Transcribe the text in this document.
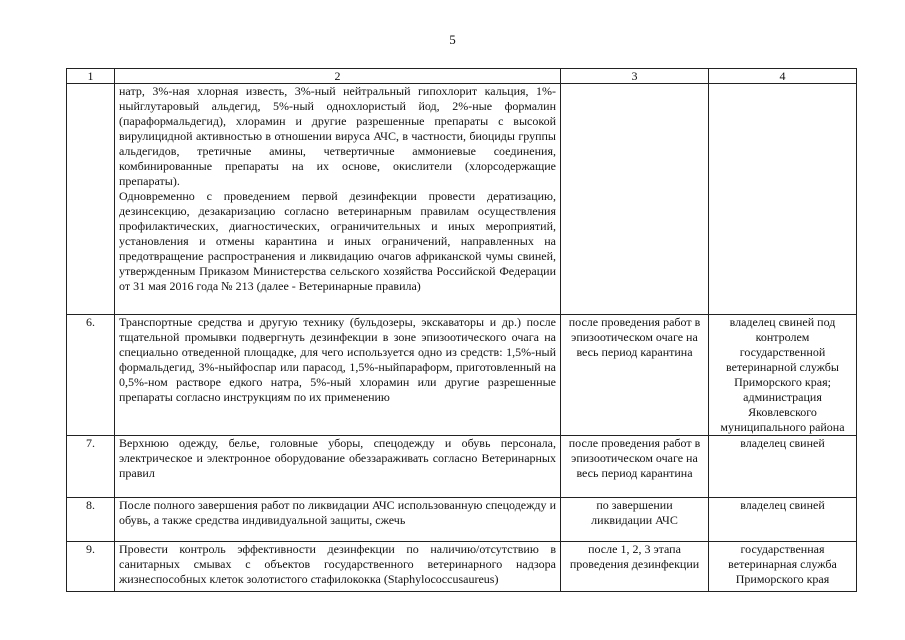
5
1	2	3	4

	натр, 3%-ная хлорная известь, 3%-ный нейтральный гипохлорит кальция, 1%-ныйглутаровый альдегид, 5%-ный однохлористый йод, 2%-ные формалин (параформальдегид), хлорамин и другие разрешенные препараты с высокой вирулицидной активностью в отношении вируса АЧС, в частности, биоциды группы альдегидов, третичные амины, четвертичные аммониевые соединения, комбинированные препараты на их основе, окислители (хлорсодержащие препараты).
Одновременно с проведением первой дезинфекции провести дератизацию, дезинсекцию, дезакаризацию согласно ветеринарным правилам осуществления профилактических, диагностических, ограничительных и иных мероприятий, установления и отмены карантина и иных ограничений, направленных на предотвращение распространения и ликвидацию очагов африканской чумы свиней, утвержденным Приказом Министерства сельского хозяйства Российской Федерации от 31 мая 2016 года № 213 (далее - Ветеринарные правила)		

6.	Транспортные средства и другую технику (бульдозеры, экскаваторы и др.) после тщательной промывки подвергнуть дезинфекции в зоне эпизоотического очага на специально отведенной площадке, для чего используется одно из средств: 1,5%-ный формальдегид, 3%-ныйфоспар или парасод, 1,5%-ныйпараформ, приготовленный на 0,5%-ном растворе едкого натра, 5%-ный хлорамин или другие разрешенные препараты согласно инструкциям по их применению	после проведения работ в эпизоотическом очаге на весь период карантина	владелец свиней под контролем государственной ветеринарной службы Приморского края; администрация Яковлевского муниципального района
7.	Верхнюю одежду, белье, головные уборы, спецодежду и обувь персонала, электрическое и электронное оборудование обеззараживать согласно Ветеринарных правил	после проведения работ в эпизоотическом очаге на весь период карантина	владелец свиней
8.	После полного завершения работ по ликвидации АЧС использованную спецодежду и обувь, а также средства индивидуальной защиты, сжечь	по завершении ликвидации АЧС	владелец свиней
9.	Провести контроль эффективности дезинфекции по наличию/отсутствию в санитарных смывах с объектов государственного ветеринарного надзора жизнеспособных клеток золотистого стафилококка (Staphylococcusaureus)	после 1, 2, 3 этапа проведения дезинфекции	государственная ветеринарная служба Приморского края
